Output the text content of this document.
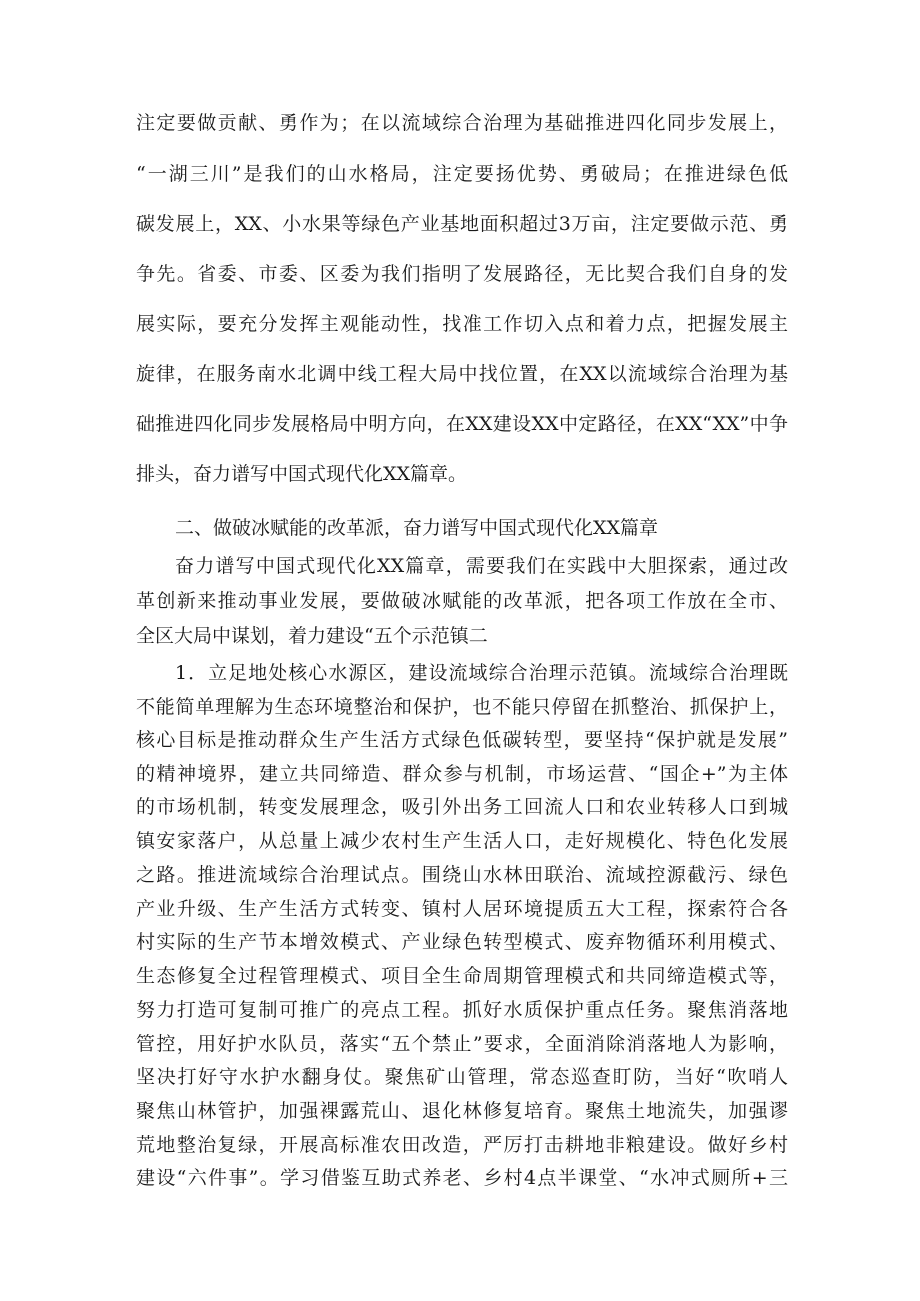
注定要做贡献、勇作为；在以流域综合治理为基础推进四化同步发展上，
“一湖三川”是我们的山水格局，注定要扬优势、勇破局；在推进绿色低
碳发展上，XX、小水果等绿色产业基地面积超过3万亩，注定要做示范、勇
争先。省委、市委、区委为我们指明了发展路径，无比契合我们自身的发
展实际，要充分发挥主观能动性，找准工作切入点和着力点，把握发展主
旋律，在服务南水北调中线工程大局中找位置，在XX以流域综合治理为基
础推进四化同步发展格局中明方向，在XX建设XX中定路径，在XX“XX”中争
排头，奋力谱写中国式现代化XX篇章。
二、做破冰赋能的改革派，奋力谱写中国式现代化XX篇章
奋力谱写中国式现代化XX篇章，需要我们在实践中大胆探索，通过改
革创新来推动事业发展，要做破冰赋能的改革派，把各项工作放在全市、
全区大局中谋划，着力建设“五个示范镇二
1．立足地处核心水源区，建设流域综合治理示范镇。流域综合治理既
不能简单理解为生态环境整治和保护，也不能只停留在抓整治、抓保护上，
核心目标是推动群众生产生活方式绿色低碳转型，要坚持“保护就是发展”
的精神境界，建立共同缔造、群众参与机制，市场运营、“国企+”为主体
的市场机制，转变发展理念，吸引外出务工回流人口和农业转移人口到城
镇安家落户，从总量上减少农村生产生活人口，走好规模化、特色化发展
之路。推进流域综合治理试点。围绕山水林田联治、流域控源截污、绿色
产业升级、生产生活方式转变、镇村人居环境提质五大工程，探索符合各
村实际的生产节本增效模式、产业绿色转型模式、废弃物循环利用模式、
生态修复全过程管理模式、项目全生命周期管理模式和共同缔造模式等，
努力打造可复制可推广的亮点工程。抓好水质保护重点任务。聚焦消落地
管控，用好护水队员，落实“五个禁止”要求，全面消除消落地人为影响，
坚决打好守水护水翻身仗。聚焦矿山管理，常态巡查盯防，当好“吹哨人
聚焦山林管护，加强裸露荒山、退化林修复培育。聚焦土地流失，加强谬
荒地整治复绿，开展高标准农田改造，严厉打击耕地非粮建设。做好乡村
建设“六件事”。学习借鉴互助式养老、乡村4点半课堂、“水冲式厕所+三
